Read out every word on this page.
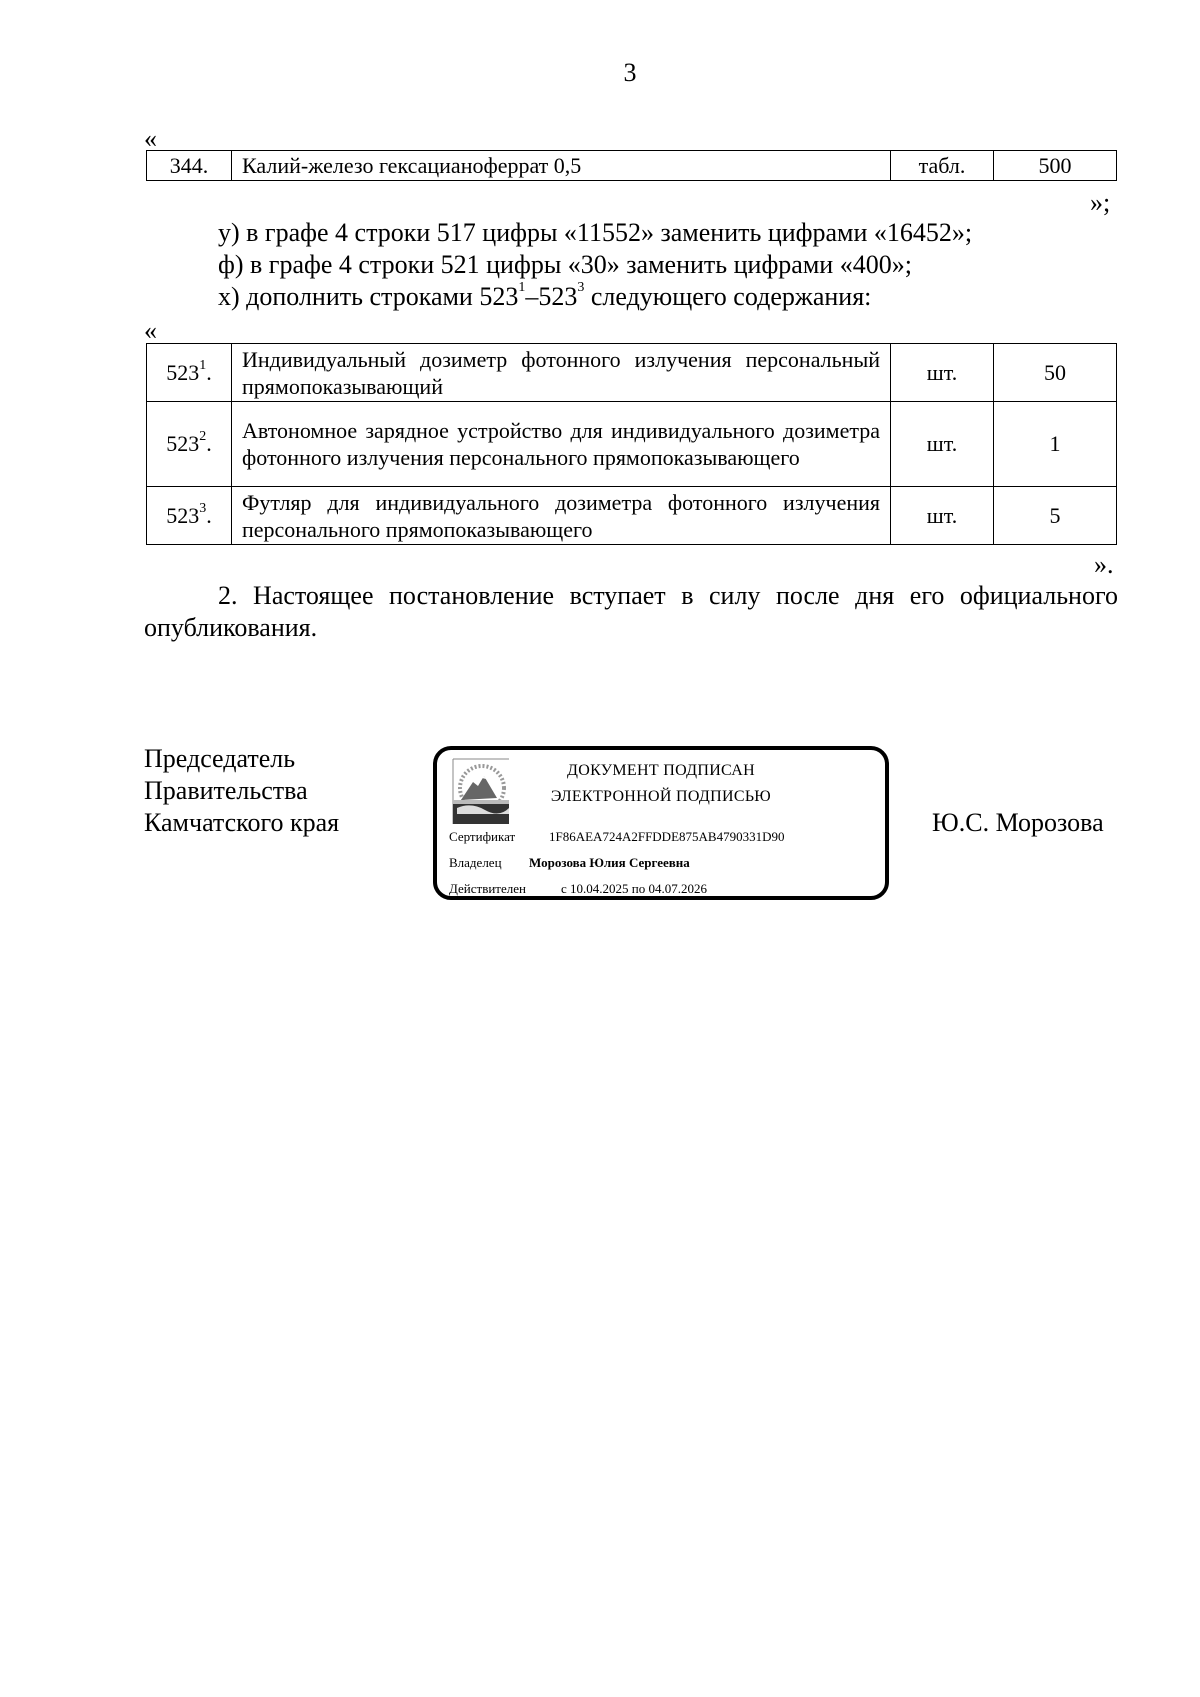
3
«
344.	Калий-железо гексацианоферрат 0,5	табл.	500
»;
у) в графе 4 строки 517 цифры «11552» заменить цифрами «16452»;
ф) в графе 4 строки 521 цифры «30» заменить цифрами «400»;
х) дополнить строками $523^1-523^3$ следующего содержания:
«
$523^1$.	Индивидуальный дозиметр фотонного излучения персональный прямопоказывающий	шт.	50
$523^2$.	Автономное зарядное устройство для индивидуального дозиметра фотонного излучения персонального прямопоказывающего	шт.	1
$523^3$.	Футляр для индивидуального дозиметра фотонного излучения персонального прямопоказывающего	шт.	5
».
2. Настоящее постановление вступает в силу после дня его официального опубликования.
Председатель
Правительства
Камчатского края	Ю.С. Морозова
ДОКУМЕНТ ПОДПИСАН
ЭЛЕКТРОННОЙ ПОДПИСЬЮ
Сертификат	1F86AEA724A2FFDDE875AB4790331D90
Владелец Морозова Юлия Сергеевна
Действителен	с 10.04.2025 по 04.07.2026
